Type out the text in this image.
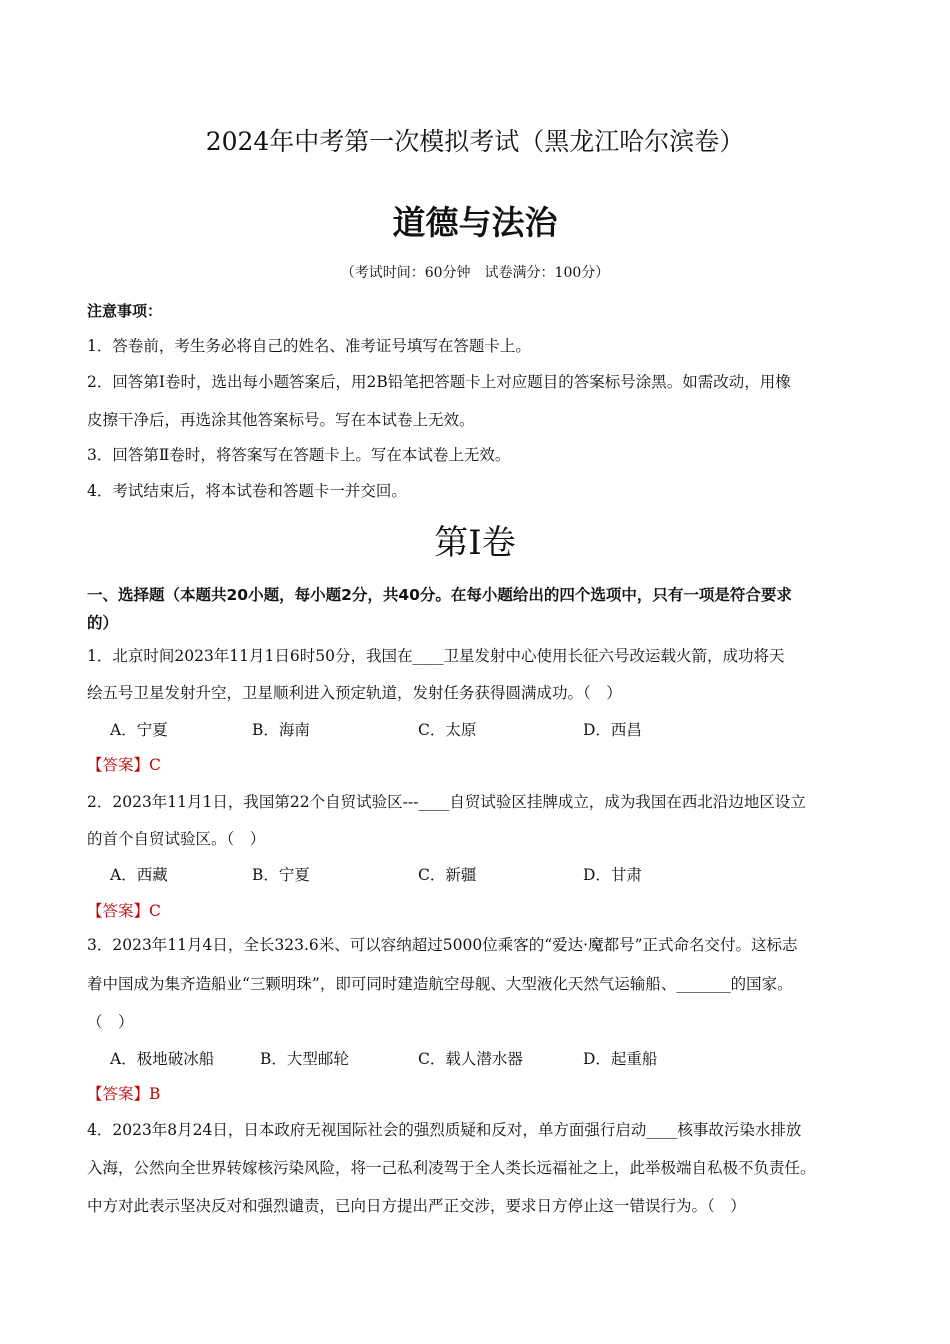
2024年中考第一次模拟考试（黑龙江哈尔滨卷）
道德与法治
（考试时间：60分钟　试卷满分：100分）
注意事项：
1．答卷前，考生务必将自己的姓名、准考证号填写在答题卡上。
2．回答第Ⅰ卷时，选出每小题答案后，用2B铅笔把答题卡上对应题目的答案标号涂黑。如需改动，用橡
皮擦干净后，再选涂其他答案标号。写在本试卷上无效。
3．回答第Ⅱ卷时，将答案写在答题卡上。写在本试卷上无效。
4．考试结束后，将本试卷和答题卡一并交回。
第Ⅰ卷
一、选择题（本题共20小题，每小题2分，共40分。在每小题给出的四个选项中，只有一项是符合要求
的）
1．北京时间2023年11月1日6时50分，我国在____卫星发射中心使用长征六号改运载火箭，成功将天
绘五号卫星发射升空，卫星顺利进入预定轨道，发射任务获得圆满成功。（　）
A．宁夏	B．海南	C．太原	D．西昌
【答案】C
2．2023年11月1日，我国第22个自贸试验区---____自贸试验区挂牌成立，成为我国在西北沿边地区设立
的首个自贸试验区。（　）
A．西藏	B．宁夏	C．新疆	D．甘肃
【答案】C
3．2023年11月4日，全长323.6米、可以容纳超过5000位乘客的“爱达·魔都号”正式命名交付。这标志
着中国成为集齐造船业“三颗明珠”，即可同时建造航空母舰、大型液化天然气运输船、_______的国家。
（　）
A．极地破冰船	B．大型邮轮	C．载人潜水器	D．起重船
【答案】B
4．2023年8月24日，日本政府无视国际社会的强烈质疑和反对，单方面强行启动____核事故污染水排放
入海，公然向全世界转嫁核污染风险，将一己私利凌驾于全人类长远福祉之上，此举极端自私极不负责任。
中方对此表示坚决反对和强烈谴责，已向日方提出严正交涉，要求日方停止这一错误行为。（　）
